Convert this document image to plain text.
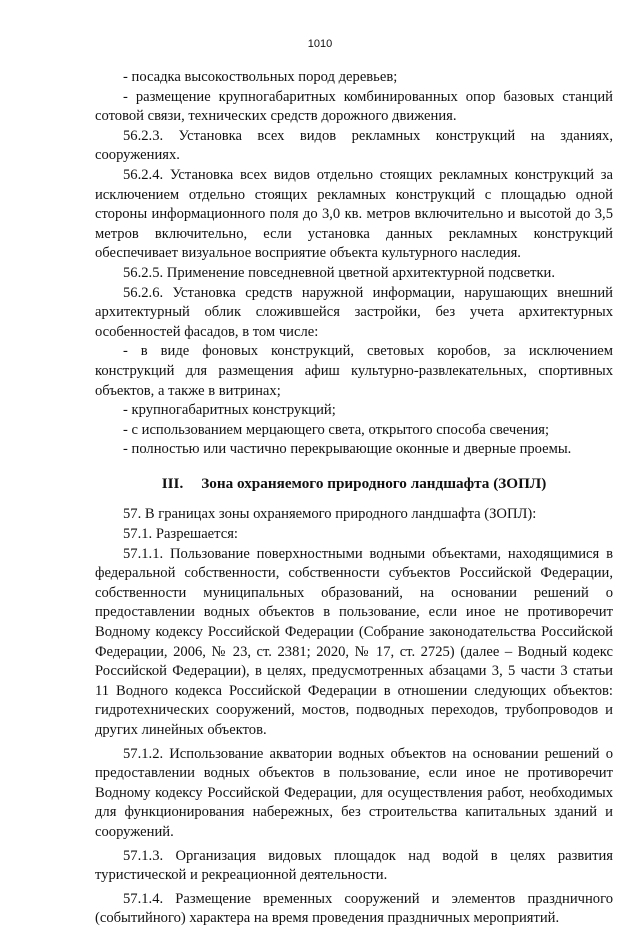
1010

- посадка высокоствольных пород деревьев;

- размещение крупногабаритных комбинированных опор базовых станций сотовой связи, технических средств дорожного движения.

56.2.3. Установка всех видов рекламных конструкций на зданиях, сооружениях.

56.2.4. Установка всех видов отдельно стоящих рекламных конструкций за исключением отдельно стоящих рекламных конструкций с площадью одной стороны информационного поля до 3,0 кв. метров включительно и высотой до 3,5 метров включительно, если установка данных рекламных конструкций обеспечивает визуальное восприятие объекта культурного наследия.

56.2.5. Применение повседневной цветной архитектурной подсветки.

56.2.6. Установка средств наружной информации, нарушающих внешний архитектурный облик сложившейся застройки, без учета архитектурных особенностей фасадов, в том числе:

- в виде фоновых конструкций, световых коробов, за исключением конструкций для размещения афиш культурно-развлекательных, спортивных объектов, а также в витринах;

- крупногабаритных конструкций;

- с использованием мерцающего света, открытого способа свечения;

- полностью или частично перекрывающие оконные и дверные проемы.

III. Зона охраняемого природного ландшафта (ЗОПЛ)

57. В границах зоны охраняемого природного ландшафта (ЗОПЛ):

57.1. Разрешается:

57.1.1. Пользование поверхностными водными объектами, находящимися в федеральной собственности, собственности субъектов Российской Федерации, собственности муниципальных образований, на основании решений о предоставлении водных объектов в пользование, если иное не противоречит Водному кодексу Российской Федерации (Собрание законодательства Российской Федерации, 2006, № 23, ст. 2381; 2020, № 17, ст. 2725) (далее – Водный кодекс Российской Федерации), в целях, предусмотренных абзацами 3, 5 части 3 статьи 11 Водного кодекса Российской Федерации в отношении следующих объектов: гидротехнических сооружений, мостов, подводных переходов, трубопроводов и других линейных объектов.

57.1.2. Использование акватории водных объектов на основании решений о предоставлении водных объектов в пользование, если иное не противоречит Водному кодексу Российской Федерации, для осуществления работ, необходимых для функционирования набережных, без строительства капитальных зданий и сооружений.

57.1.3. Организация видовых площадок над водой в целях развития туристической и рекреационной деятельности.

57.1.4. Размещение временных сооружений и элементов праздничного (событийного) характера на время проведения праздничных мероприятий.
